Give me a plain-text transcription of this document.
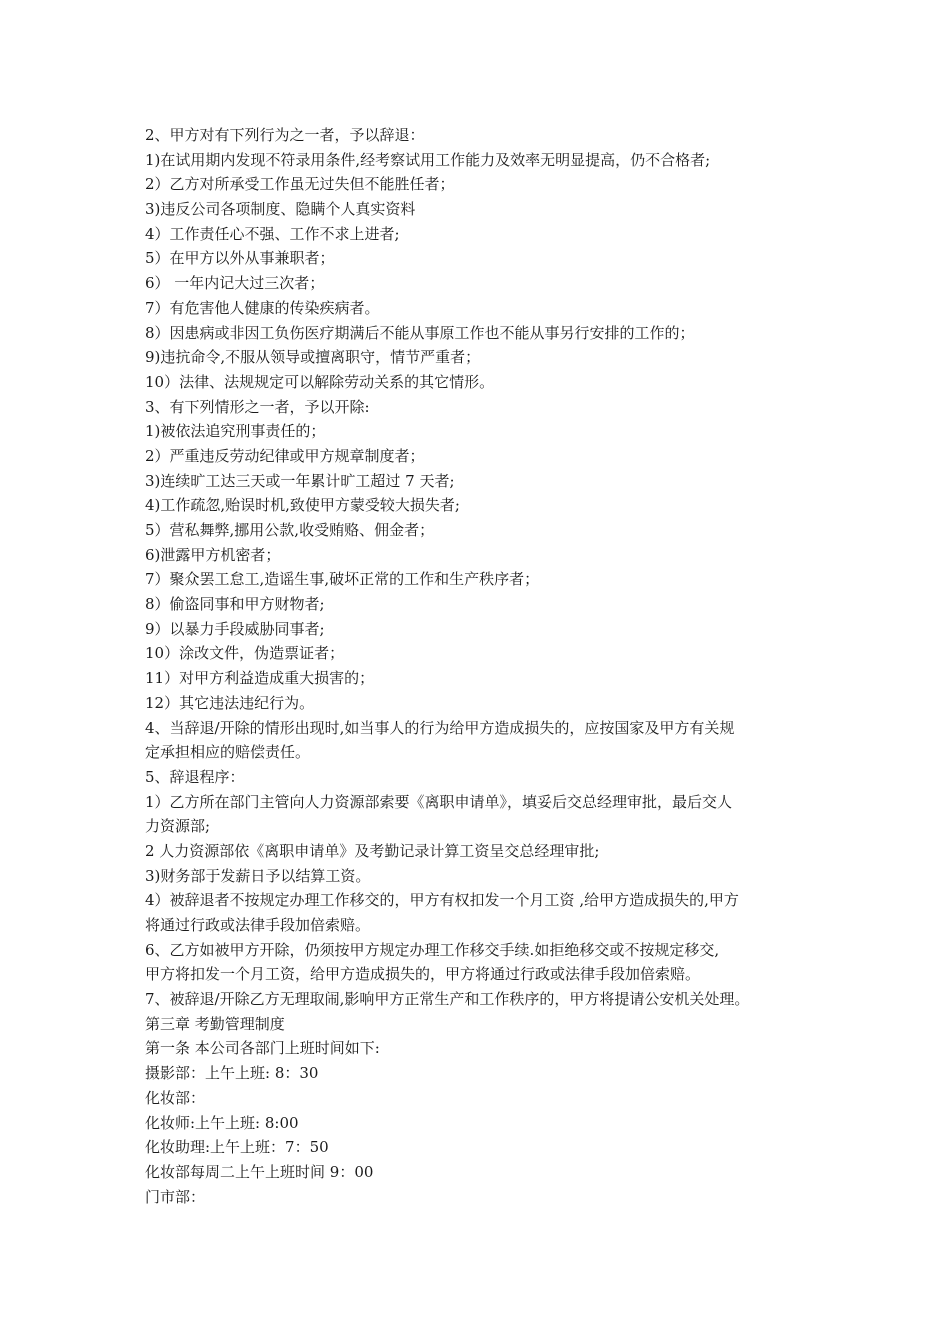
2、甲方对有下列行为之一者，予以辞退：
1)在试用期内发现不符录用条件,经考察试用工作能力及效率无明显提高，仍不合格者;
2）乙方对所承受工作虽无过失但不能胜任者；
3)违反公司各项制度、隐瞒个人真实资料
4）工作责任心不强、工作不求上进者;
5）在甲方以外从事兼职者；
6） 一年内记大过三次者；
7）有危害他人健康的传染疾病者。
8）因患病或非因工负伤医疗期满后不能从事原工作也不能从事另行安排的工作的；
9)违抗命令,不服从领导或擅离职守，情节严重者；
10）法律、法规规定可以解除劳动关系的其它情形。
3、有下列情形之一者，予以开除:
1)被依法追究刑事责任的；
2）严重违反劳动纪律或甲方规章制度者；
3)连续旷工达三天或一年累计旷工超过 7 天者;
4)工作疏忽,贻误时机,致使甲方蒙受较大损失者;
5）营私舞弊,挪用公款,收受贿赂、佣金者；
6)泄露甲方机密者；
7）聚众罢工怠工,造谣生事,破坏正常的工作和生产秩序者；
8）偷盗同事和甲方财物者;
9）以暴力手段威胁同事者;
10）涂改文件，伪造票证者；
11）对甲方利益造成重大损害的；
12）其它违法违纪行为。
4、当辞退/开除的情形出现时,如当事人的行为给甲方造成损失的，应按国家及甲方有关规
定承担相应的赔偿责任。
5、辞退程序：
1）乙方所在部门主管向人力资源部索要《离职申请单》，填妥后交总经理审批，最后交人
力资源部;
2 人力资源部依《离职申请单》及考勤记录计算工资呈交总经理审批;
3)财务部于发薪日予以结算工资。
4）被辞退者不按规定办理工作移交的，甲方有权扣发一个月工资 ,给甲方造成损失的,甲方
将通过行政或法律手段加倍索赔。
6、乙方如被甲方开除，仍须按甲方规定办理工作移交手续.如拒绝移交或不按规定移交,
甲方将扣发一个月工资，给甲方造成损失的，甲方将通过行政或法律手段加倍索赔。
7、被辞退/开除乙方无理取闹,影响甲方正常生产和工作秩序的，甲方将提请公安机关处理。
第三章 考勤管理制度
第一条 本公司各部门上班时间如下:
摄影部：上午上班: 8：30
化妆部：
化妆师:上午上班: 8:00
化妆助理:上午上班：7：50
化妆部每周二上午上班时间 9：00
门市部：
